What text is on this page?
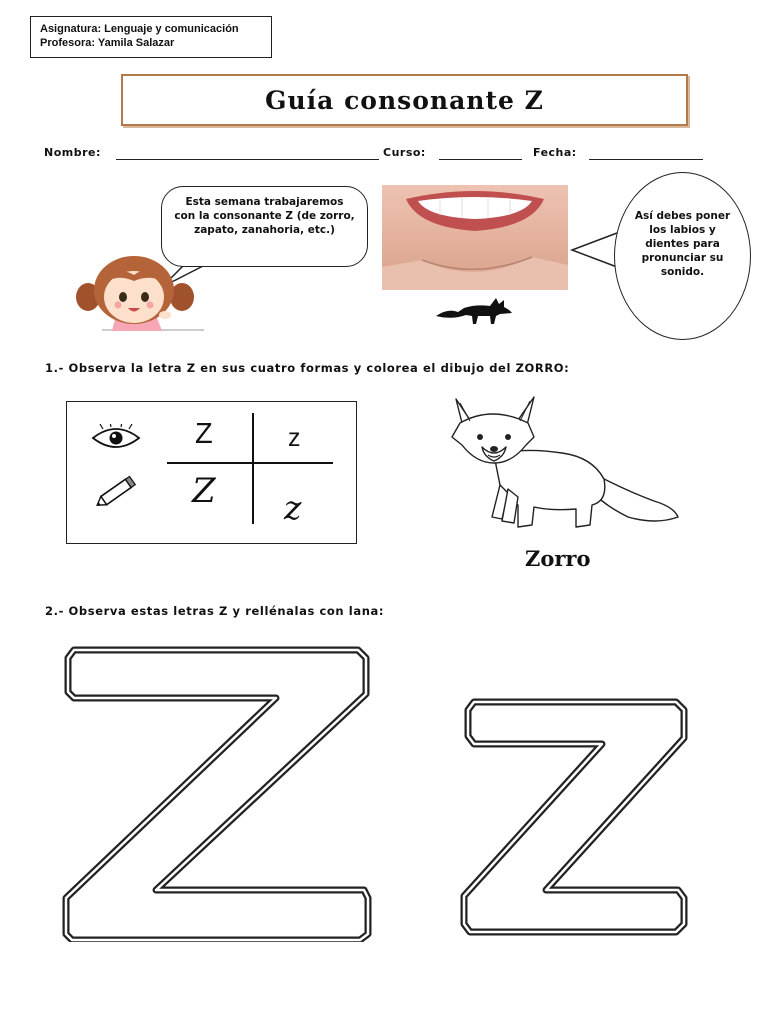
Asignatura: Lenguaje y comunicación
Profesora: Yamila Salazar
Guía consonante Z
Nombre:	Curso:	Fecha:
Esta semana trabajaremos con la consonante Z (de zorro, zapato, zanahoria, etc.)
Así debes poner los labios y dientes para pronunciar su sonido.
1.- Observa la letra Z en sus cuatro formas y colorea el dibujo del ZORRO:
Z	z
Z z
Zorro
2.- Observa estas letras Z y rellénalas con lana:
